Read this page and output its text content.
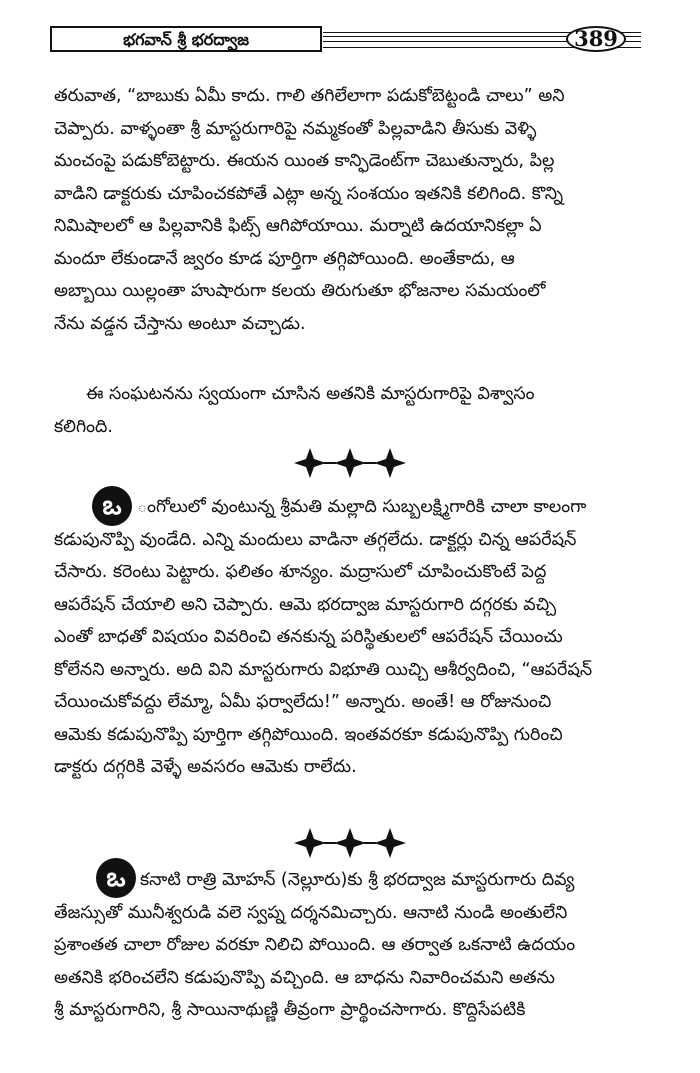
భగవాన్ శ్రీ భరద్వాజ	389
తరువాత, “బాబుకు ఏమీ కాదు. గాలి తగిలేలాగా పడుకోబెట్టండి చాలు” అని
చెప్పారు. వాళ్ళంతా శ్రీ మాస్టరుగారిపై నమ్మకంతో పిల్లవాడిని తీసుకు వెళ్ళి
మంచంపై పడుకోబెట్టారు. ఈయన యింత కాన్ఫిడెంట్‌గా చెబుతున్నారు, పిల్ల
వాడిని డాక్టరుకు చూపించకపోతే ఎట్లా అన్న సంశయం ఇతనికి కలిగింది. కొన్ని
నిమిషాలలో ఆ పిల్లవానికి ఫిట్స్ ఆగిపోయాయి. మర్నాటి ఉదయానికల్లా ఏ
మందూ లేకుండానే జ్వరం కూడ పూర్తిగా తగ్గిపోయింది. అంతేకాదు, ఆ
అబ్బాయి యిల్లంతా హుషారుగా కలయ తిరుగుతూ భోజనాల సమయంలో
నేను వడ్డన చేస్తాను అంటూ వచ్చాడు.
ఈ సంఘటనను స్వయంగా చూసిన అతనికి మాస్టరుగారిపై విశ్వాసం
కలిగింది.
ఒ ంగోలులో వుంటున్న శ్రీమతి మల్లాది సుబ్బలక్ష్మిగారికి చాలా కాలంగా
కడుపునొప్పి వుండేది. ఎన్ని మందులు వాడినా తగ్గలేదు. డాక్టర్లు చిన్న ఆపరేషన్
చేసారు. కరెంటు పెట్టారు. ఫలితం శూన్యం. మద్రాసులో చూపించుకొంటే పెద్ద
ఆపరేషన్ చేయాలి అని చెప్పారు. ఆమె భరద్వాజ మాస్టరుగారి దగ్గరకు వచ్చి
ఎంతో బాధతో విషయం వివరించి తనకున్న పరిస్థితులలో ఆపరేషన్ చేయించు
కోలేనని అన్నారు. అది విని మాస్టరుగారు విభూతి యిచ్చి ఆశీర్వదించి, “ఆపరేషన్
చేయించుకోవద్దు లేమ్మా, ఏమీ ఫర్వాలేదు!” అన్నారు. అంతే! ఆ రోజునుంచి
ఆమెకు కడుపునొప్పి పూర్తిగా తగ్గిపోయింది. ఇంతవరకూ కడుపునొప్పి గురించి
డాక్టరు దగ్గరికి వెళ్ళే అవసరం ఆమెకు రాలేదు.
ఒ కనాటి రాత్రి మోహన్ (నెల్లూరు)కు శ్రీ భరద్వాజ మాస్టరుగారు దివ్య
తేజస్సుతో మునీశ్వరుడి వలె స్వప్న దర్శనమిచ్చారు. ఆనాటి నుండి అంతులేని
ప్రశాంతత చాలా రోజుల వరకూ నిలిచి పోయింది. ఆ తర్వాత ఒకనాటి ఉదయం
అతనికి భరించలేని కడుపునొప్పి వచ్చింది. ఆ బాధను నివారించమని అతను
శ్రీ మాస్టరుగారిని, శ్రీ సాయినాథుణ్ణి తీవ్రంగా ప్రార్థించసాగారు. కొద్దిసేపటికి
